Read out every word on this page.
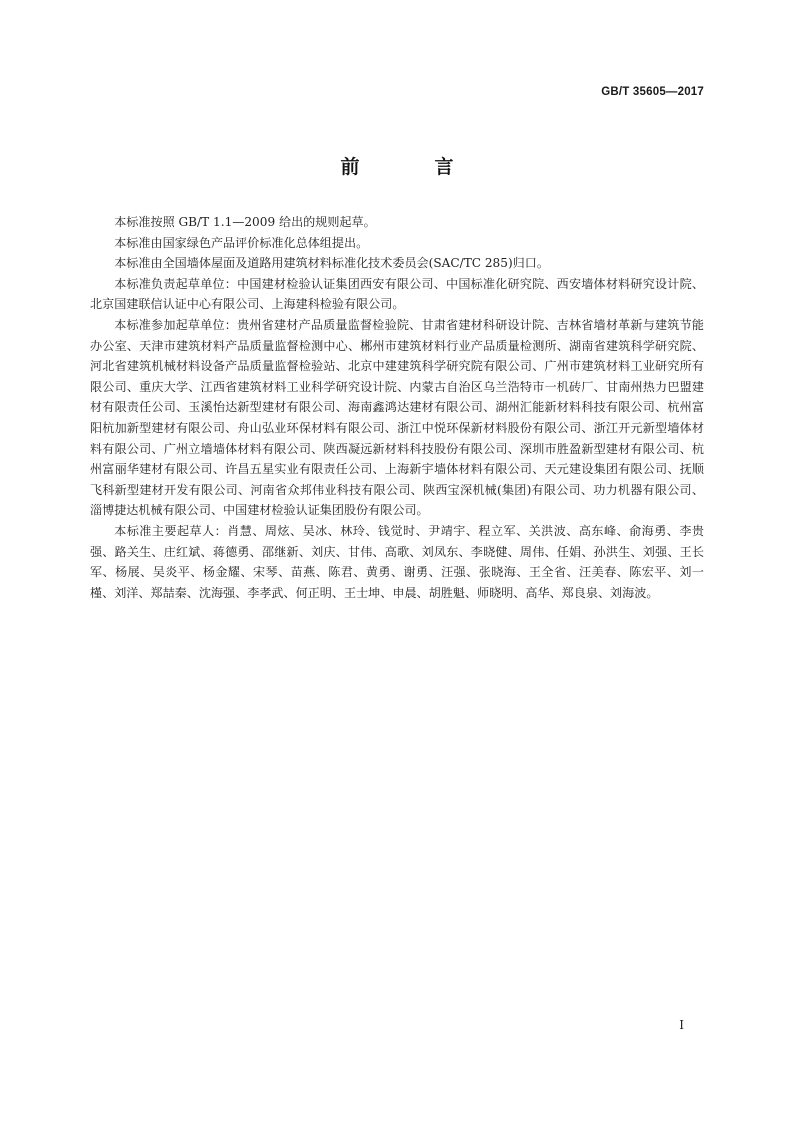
GB/T 35605—2017
前　言

本标准按照 GB/T 1.1—2009 给出的规则起草。

本标准由国家绿色产品评价标准化总体组提出。

本标准由全国墙体屋面及道路用建筑材料标准化技术委员会(SAC/TC 285)归口。

本标准负责起草单位：中国建材检验认证集团西安有限公司、中国标准化研究院、西安墙体材料研究设计院、北京国建联信认证中心有限公司、上海建科检验有限公司。

本标准参加起草单位：贵州省建材产品质量监督检验院、甘肃省建材科研设计院、吉林省墙材革新与建筑节能办公室、天津市建筑材料产品质量监督检测中心、郴州市建筑材料行业产品质量检测所、湖南省建筑科学研究院、河北省建筑机械材料设备产品质量监督检验站、北京中建建筑科学研究院有限公司、广州市建筑材料工业研究所有限公司、重庆大学、江西省建筑材料工业科学研究设计院、内蒙古自治区乌兰浩特市一机砖厂、甘南州热力巴盟建材有限责任公司、玉溪怡达新型建材有限公司、海南鑫鸿达建材有限公司、湖州汇能新材料科技有限公司、杭州富阳杭加新型建材有限公司、舟山弘业环保材料有限公司、浙江中悦环保新材料股份有限公司、浙江开元新型墙体材料有限公司、广州立墙墙体材料有限公司、陕西凝远新材料科技股份有限公司、深圳市胜盈新型建材有限公司、杭州富丽华建材有限公司、许昌五星实业有限责任公司、上海新宇墙体材料有限公司、天元建设集团有限公司、抚顺飞科新型建材开发有限公司、河南省众邦伟业科技有限公司、陕西宝深机械(集团)有限公司、功力机器有限公司、淄博捷达机械有限公司、中国建材检验认证集团股份有限公司。

本标准主要起草人：肖慧、周炫、吴冰、林玲、钱觉时、尹靖宇、程立军、关洪波、高东峰、俞海勇、李贵强、路关生、庄红斌、蒋德勇、邵继新、刘庆、甘伟、高歌、刘凤东、李晓健、周伟、任娟、孙洪生、刘强、王长军、杨展、吴炎平、杨金耀、宋琴、苗燕、陈君、黄勇、谢勇、汪强、张晓海、王全省、汪美春、陈宏平、刘一槿、刘洋、郑喆秦、沈海强、李孝武、何正明、王士坤、申晨、胡胜魁、师晓明、高华、郑良泉、刘海波。

I
